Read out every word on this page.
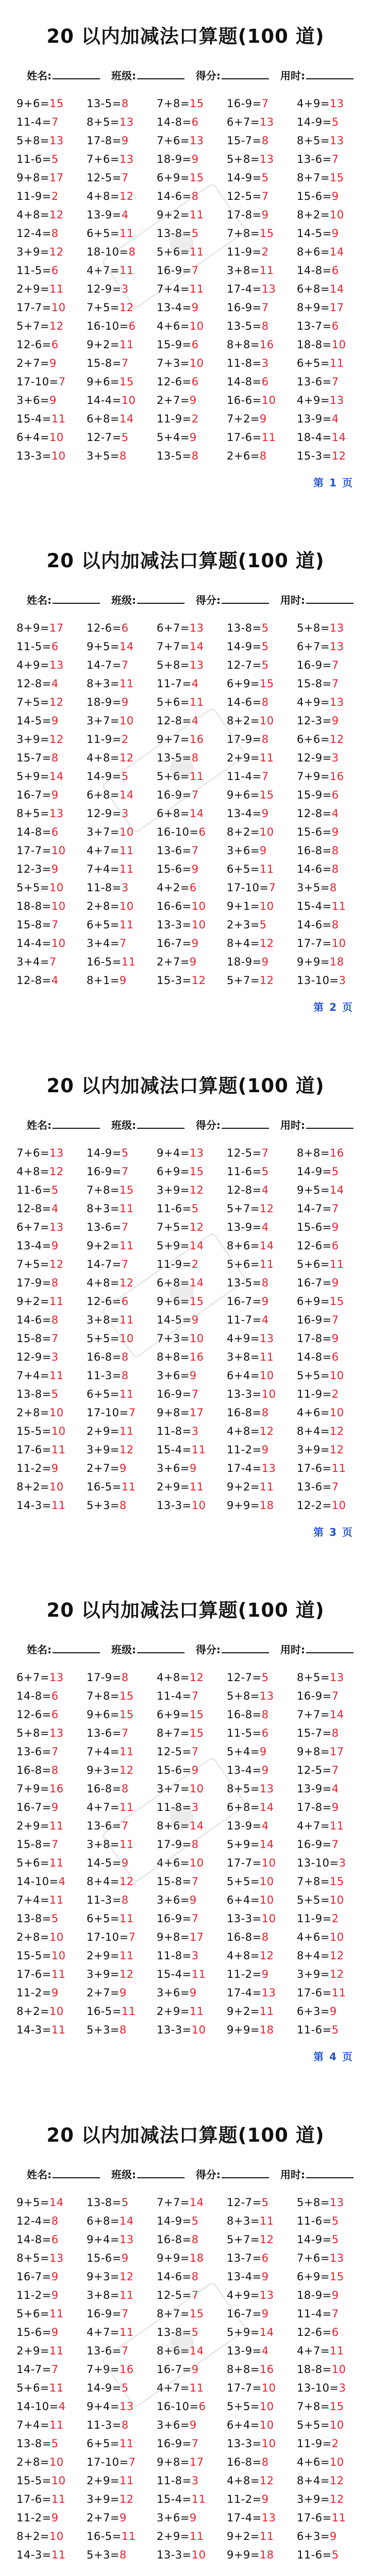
20 以内加减法口算题(100 道)
姓名:	班级:	得分:	用时:
9+6=15	13-5=8	7+8=15	16-9=7	4+9=13
11-4=7	8+5=13	14-8=6	6+7=13	14-9=5
5+8=13	17-8=9	7+6=13	15-7=8	8+5=13
11-6=5	7+6=13	18-9=9	5+8=13	13-6=7
9+8=17	12-5=7	6+9=15	14-9=5	8+7=15
11-9=2	4+8=12	14-6=8	12-5=7	15-6=9
4+8=12	13-9=4	9+2=11	17-8=9	8+2=10
12-4=8	6+5=11	13-8=5	7+8=15	14-5=9
3+9=12	18-10=8	5+6=11	11-9=2	8+6=14
11-5=6	4+7=11	16-9=7	3+8=11	14-8=6
2+9=11	12-9=3	7+4=11	17-4=13	6+8=14
17-7=10	7+5=12	13-4=9	16-9=7	8+9=17
5+7=12	16-10=6	4+6=10	13-5=8	13-7=6
12-6=6	9+2=11	15-9=6	8+8=16	18-8=10
2+7=9	15-8=7	7+3=10	11-8=3	6+5=11
17-10=7	9+6=15	12-6=6	14-8=6	13-6=7
3+6=9	14-4=10	2+7=9	16-6=10	4+9=13
15-4=11	6+8=14	11-9=2	7+2=9	13-9=4
6+4=10	12-7=5	5+4=9	17-6=11	18-4=14
13-3=10	3+5=8	13-5=8	2+6=8	15-3=12
第 1 页
20 以内加减法口算题(100 道)
姓名:	班级:	得分:	用时:
8+9=17	12-6=6	6+7=13	13-8=5	5+8=13
11-5=6	9+5=14	7+7=14	14-9=5	6+7=13
4+9=13	14-7=7	5+8=13	12-7=5	16-9=7
12-8=4	8+3=11	11-7=4	6+9=15	15-8=7
7+5=12	18-9=9	5+6=11	14-6=8	4+9=13
14-5=9	3+7=10	12-8=4	8+2=10	12-3=9
3+9=12	11-9=2	9+7=16	17-9=8	6+6=12
15-7=8	4+8=12	13-5=8	2+9=11	12-9=3
5+9=14	14-9=5	5+6=11	11-4=7	7+9=16
16-7=9	6+8=14	16-9=7	9+6=15	15-9=6
8+5=13	12-9=3	6+8=14	13-4=9	12-8=4
14-8=6	3+7=10	16-10=6	8+2=10	15-6=9
17-7=10	4+7=11	13-6=7	3+6=9	16-8=8
12-3=9	7+4=11	15-6=9	6+5=11	14-6=8
5+5=10	11-8=3	4+2=6	17-10=7	3+5=8
18-8=10	2+8=10	16-6=10	9+1=10	15-4=11
15-8=7	6+5=11	13-3=10	2+3=5	14-6=8
14-4=10	3+4=7	16-7=9	8+4=12	17-7=10
3+4=7	16-5=11	2+7=9	18-9=9	9+9=18
12-8=4	8+1=9	15-3=12	5+7=12	13-10=3
第 2 页
20 以内加减法口算题(100 道)
姓名:	班级:	得分:	用时:
7+6=13	14-9=5	9+4=13	12-5=7	8+8=16
4+8=12	16-9=7	6+9=15	11-6=5	14-9=5
11-6=5	7+8=15	3+9=12	12-8=4	9+5=14
12-8=4	8+3=11	11-6=5	5+7=12	14-7=7
6+7=13	13-6=7	7+5=12	13-9=4	15-6=9
13-4=9	9+2=11	5+9=14	8+6=14	12-6=6
7+5=12	14-7=7	11-9=2	5+6=11	5+6=11
17-9=8	4+8=12	6+8=14	13-5=8	16-7=9
9+2=11	12-6=6	9+6=15	16-7=9	6+9=15
14-6=8	3+8=11	14-5=9	11-7=4	16-9=7
15-8=7	5+5=10	7+3=10	4+9=13	17-8=9
12-9=3	16-8=8	8+8=16	3+8=11	14-8=6
7+4=11	11-3=8	3+6=9	6+4=10	5+5=10
13-8=5	6+5=11	16-9=7	13-3=10	11-9=2
2+8=10	17-10=7	9+8=17	16-8=8	4+6=10
15-5=10	2+9=11	11-8=3	4+8=12	8+4=12
17-6=11	3+9=12	15-4=11	11-2=9	3+9=12
11-2=9	2+7=9	3+6=9	17-4=13	17-6=11
8+2=10	16-5=11	2+9=11	9+2=11	13-6=7
14-3=11	5+3=8	13-3=10	9+9=18	12-2=10
第 3 页
20 以内加减法口算题(100 道)
姓名:	班级:	得分:	用时:
6+7=13	17-9=8	4+8=12	12-7=5	8+5=13
14-8=6	7+8=15	11-4=7	5+8=13	16-9=7
12-6=6	9+6=15	6+9=15	16-8=8	7+7=14
5+8=13	13-6=7	8+7=15	11-5=6	15-7=8
13-6=7	7+4=11	12-5=7	5+4=9	9+8=17
16-8=8	9+3=12	15-6=9	13-4=9	12-5=7
7+9=16	16-8=8	3+7=10	8+5=13	13-9=4
16-7=9	4+7=11	11-8=3	6+8=14	17-8=9
2+9=11	13-6=7	8+6=14	13-9=4	4+7=11
15-8=7	3+8=11	17-9=8	5+9=14	16-9=7
5+6=11	14-5=9	4+6=10	17-7=10	13-10=3
14-10=4	8+4=12	15-8=7	5+5=10	7+8=15
7+4=11	11-3=8	3+6=9	6+4=10	5+5=10
13-8=5	6+5=11	16-9=7	13-3=10	11-9=2
2+8=10	17-10=7	9+8=17	16-8=8	4+6=10
15-5=10	2+9=11	11-8=3	4+8=12	8+4=12
17-6=11	3+9=12	15-4=11	11-2=9	3+9=12
11-2=9	2+7=9	3+6=9	17-4=13	17-6=11
8+2=10	16-5=11	2+9=11	9+2=11	6+3=9
14-3=11	5+3=8	13-3=10	9+9=18	11-6=5
第 4 页
20 以内加减法口算题(100 道)
姓名:	班级:	得分:	用时:
9+5=14	13-8=5	7+7=14	12-7=5	5+8=13
12-4=8	6+8=14	14-9=5	8+3=11	11-6=5
14-8=6	9+4=13	16-8=8	5+7=12	14-9=5
8+5=13	15-6=9	9+9=18	13-7=6	7+6=13
16-7=9	9+3=12	14-6=8	13-4=9	6+9=15
11-2=9	3+8=11	12-5=7	4+9=13	18-9=9
5+6=11	16-9=7	8+7=15	16-7=9	11-4=7
15-6=9	4+7=11	13-8=5	5+9=14	12-6=6
2+9=11	13-6=7	8+6=14	13-9=4	4+7=11
14-7=7	7+9=16	16-7=9	8+8=16	18-8=10
5+6=11	14-9=5	4+7=11	17-7=10	13-10=3
14-10=4	9+4=13	16-10=6	5+5=10	7+8=15
7+4=11	11-3=8	3+6=9	6+4=10	5+5=10
13-8=5	6+5=11	16-9=7	13-3=10	11-9=2
2+8=10	17-10=7	9+8=17	16-8=8	4+6=10
15-5=10	2+9=11	11-8=3	4+8=12	8+4=12
17-6=11	3+9=12	15-4=11	11-2=9	3+9=12
11-2=9	2+7=9	3+6=9	17-4=13	17-6=11
8+2=10	16-5=11	2+9=11	9+2=11	6+3=9
14-3=11	5+3=8	13-3=10	9+9=18	11-6=5
